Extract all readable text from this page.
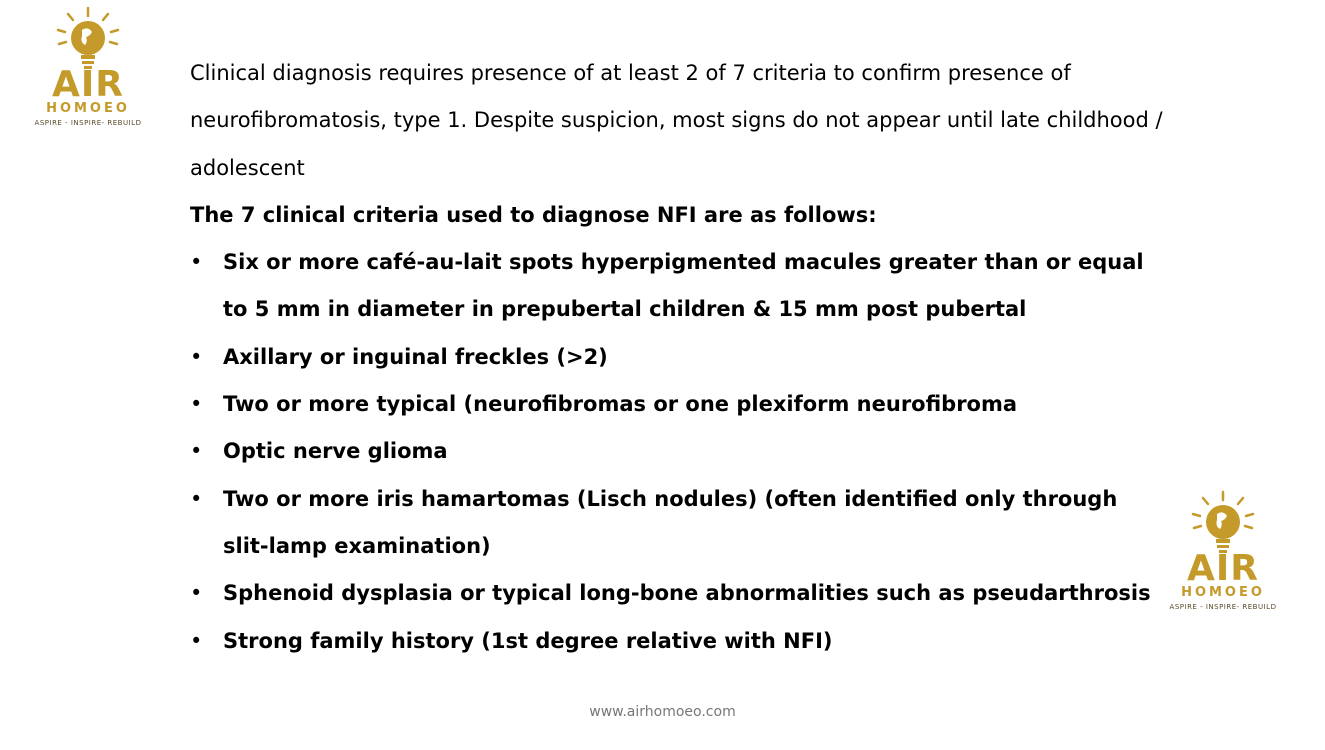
AIR
HOMOEO
ASPIRE - INSPIRE- REBUILD

Clinical diagnosis requires presence of at least 2 of 7 criteria to confirm presence of neurofibromatosis, type 1. Despite suspicion, most signs do not appear until late childhood / adolescent

The 7 clinical criteria used to diagnose NFI are as follows:

• Six or more café-au-lait spots hyperpigmented macules greater than or equal to 5 mm in diameter in prepubertal children & 15 mm post pubertal
• Axillary or inguinal freckles (>2)
• Two or more typical (neurofibromas or one plexiform neurofibroma
• Optic nerve glioma
• Two or more iris hamartomas (Lisch nodules) (often identified only through slit-lamp examination)
• Sphenoid dysplasia or typical long-bone abnormalities such as pseudarthrosis
• Strong family history (1st degree relative with NFI)
AIR
HOMOEO
ASPIRE - INSPIRE- REBUILD
www.airhomoeo.com
